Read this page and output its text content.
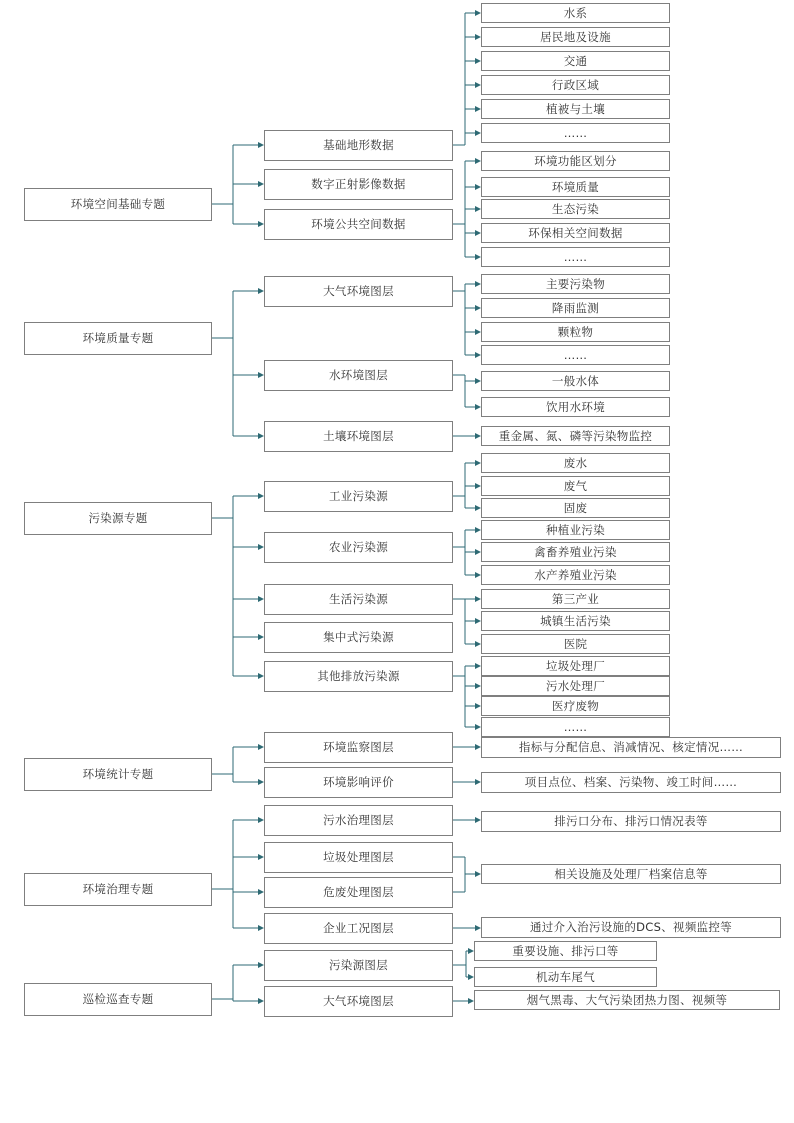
环境空间基础专题
基础地形数据
水系
居民地及设施
交通
行政区域
植被与土壤
……
数字正射影像数据
环境公共空间数据
环境功能区划分
环境质量
生态污染
环保相关空间数据
……
环境质量专题
大气环境图层	主要污染物
降雨监测
颗粒物
……
水环境图层	一般水体
饮用水环境
土壤环境图层	重金属、氮、磷等污染物监控
污染源专题
工业污染源
废水
废气
固废
农业污染源
种植业污染
禽畜养殖业污染
水产养殖业污染
生活污染源	第三产业
城镇生活污染
医院
集中式污染源
其他排放污染源
垃圾处理厂
污水处理厂
医疗废物
……
环境统计专题
环境监察图层	指标与分配信息、消减情况、核定情况……
环境影响评价	项目点位、档案、污染物、竣工时间……
环境治理专题
污水治理图层	排污口分布、排污口情况表等
垃圾处理图层
危废处理图层
企业工况图层	通过介入治污设施的DCS、视频监控等
相关设施及处理厂档案信息等
巡检巡查专题
污染源图层
重要设施、排污口等
机动车尾气
大气环境图层	烟气黑毒、大气污染团热力图、视频等
